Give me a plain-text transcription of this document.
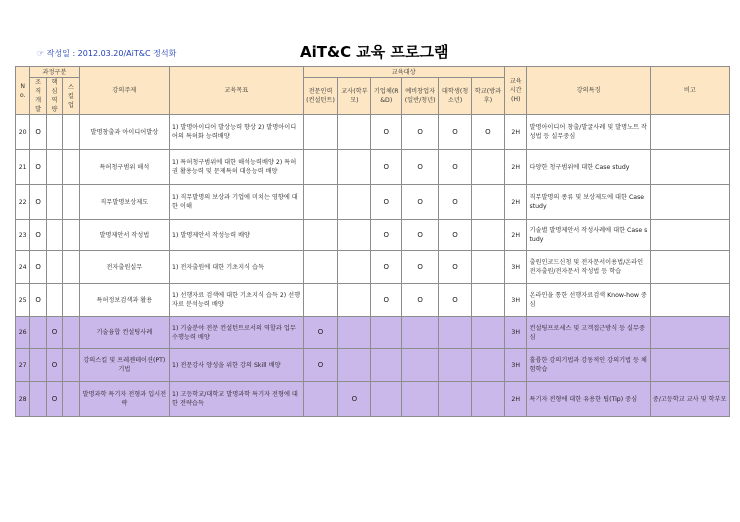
☞ 작성일 : 2012.03.20/AiT&C 정석화	AiT&C 교육 프로그램
No.	과정구분			강의주제	교육목표	교육대상						교육시간(H)	강의특징	비고
	조직개발	핵심역량	스킬업			전문인력(컨설턴트)	교사(학부모)	기업체(R&D)	예비창업자(일반/청년)	대학생(청소년)	학교(방과후)			

20	O			발명창출과 아이디어발상	1) 발명아이디어 발상능력 향상 2) 발명아이디어의 특허화 능력배양			O	O	O	O	2H	발명아이디어 창출/발굴사례 및 발명노트 작성법 등 실무중심	
21	O			특허청구범위 해석	1) 특허청구범위에 대한 해석능력배양 2) 특허권 활용능력 및 문제특허 대응능력 배양			O	O	O		2H	다양한 청구범위에 대한 Case study	
22	O			직무발명보상제도	1) 직무발명의 보상과 기업에 미치는 영향에 대한 이해			O	O	O		2H	직무발명의 종류 및 보상제도에 대한 Case study	
23	O			발명제안서 작성법	1) 발명제안서 작성능력 배양			O	O	O		2H	기술별 발명제안서 작성사례에 대한 Case study	
24	O			전자출원실무	1) 전자출원에 대한 기초지식 습득			O	O	O		3H	출원인코드신청 및 전자문서이용법/온라인 전자출원/전자문서 작성법 등 학습	
25	O			특허정보검색과 활용	1) 선행자료 검색에 대한 기초지식 습득 2) 선행자료 분석능력 배양			O	O	O		3H	온라인을 통한 선행자료검색 Know-how 중심	
26		O		기술융합 컨설팅사례	1) 기술분야 전문 컨설턴트로서의 역할과 업무수행능력 배양	O						3H	컨설팅프로세스 및 고객접근방식 등 실무중심	
27		O		강의스킬 및 프레젠테이션(PT) 기법	1) 전문강사 양성을 위한 강의 Skill 배양	O						3H	훌륭한 강의기법과 강동적인 강의기법 등 체험학습	
28		O		발명과학 특기자 전형과 입시전략	1) 고등학교/대학교 발명과학 특기자 전형에 대한 전략습득		O					2H	특기자 전형에 대한 유용한 팁(Tip) 중심	중/고등학교 교사 및 학부모
